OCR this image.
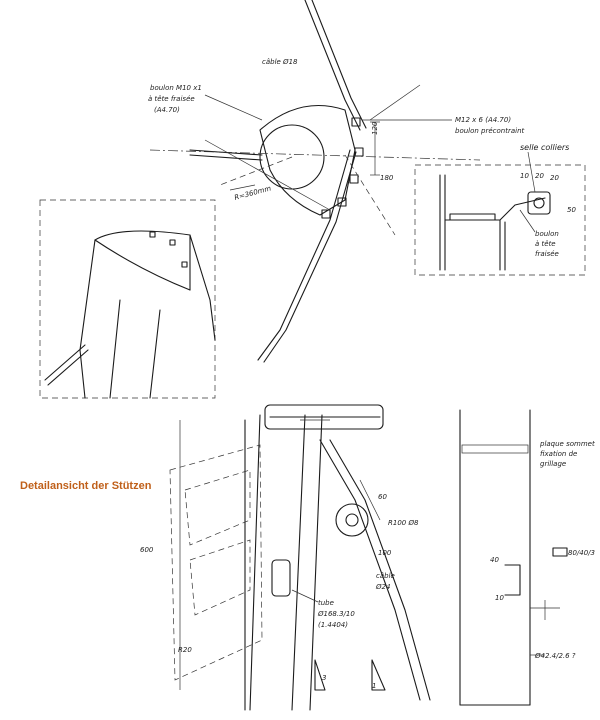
câble Ø18
boulon M10 x1
à tête fraisée
(A4.70)
M12 x 6 (A4.70)
boulon précontraint
R=360mm
120
180
selle colliers
10 20 20
50
boulon
à tête
fraisée
600
60
R100 Ø8
100
câble
Ø24
tube
Ø168.3/10
(1.4404)
R20
3
1
plaque sommet
fixation de
grillage
80/40/3
Ø42.4/2.6 ?
40
10
Detailansicht der Stützen
